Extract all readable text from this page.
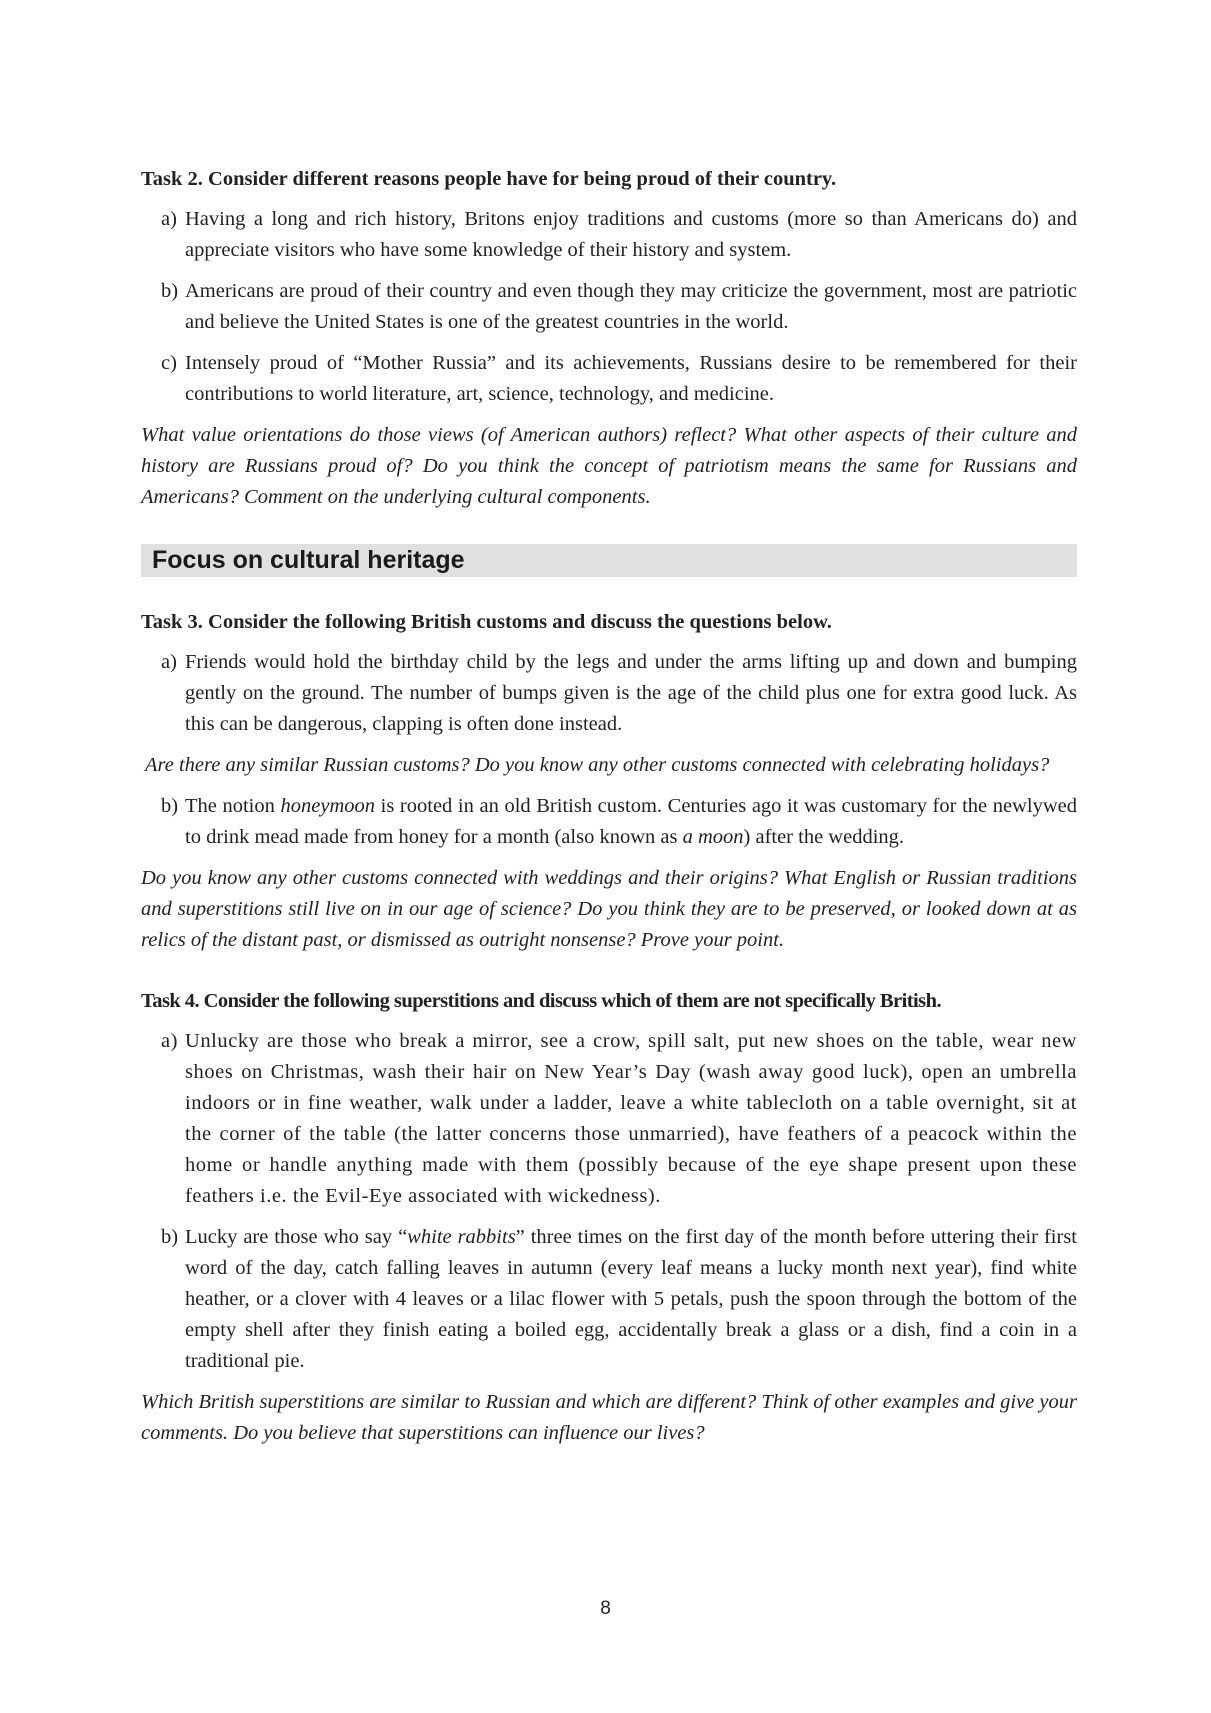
Task 2. Consider different reasons people have for being proud of their country.
a) Having a long and rich history, Britons enjoy traditions and customs (more so than Americans do) and appreciate visitors who have some knowledge of their history and system.
b) Americans are proud of their country and even though they may criticize the government, most are patriotic and believe the United States is one of the greatest countries in the world.
c) Intensely proud of “Mother Russia” and its achievements, Russians desire to be remembered for their contributions to world literature, art, science, technology, and medicine.
What value orientations do those views (of American authors) reflect? What other aspects of their culture and history are Russians proud of? Do you think the concept of patriotism means the same for Russians and Americans? Comment on the underlying cultural components.
Focus on cultural heritage
Task 3. Consider the following British customs and discuss the questions below.
a) Friends would hold the birthday child by the legs and under the arms lifting up and down and bumping gently on the ground. The number of bumps given is the age of the child plus one for extra good luck. As this can be dangerous, clapping is often done instead.
Are there any similar Russian customs? Do you know any other customs connected with celebrating holidays?
b) The notion honeymoon is rooted in an old British custom. Centuries ago it was customary for the newlywed to drink mead made from honey for a month (also known as a moon) after the wedding.
Do you know any other customs connected with weddings and their origins? What English or Russian traditions and superstitions still live on in our age of science? Do you think they are to be preserved, or looked down at as relics of the distant past, or dismissed as outright nonsense? Prove your point.
Task 4. Consider the following superstitions and discuss which of them are not specifically British.
a) Unlucky are those who break a mirror, see a crow, spill salt, put new shoes on the table, wear new shoes on Christmas, wash their hair on New Year’s Day (wash away good luck), open an umbrella indoors or in fine weather, walk under a ladder, leave a white tablecloth on a table overnight, sit at the corner of the table (the latter concerns those unmarried), have feathers of a peacock within the home or handle anything made with them (possibly because of the eye shape present upon these feathers i.e. the Evil-Eye associated with wickedness).
b) Lucky are those who say “white rabbits” three times on the first day of the month before uttering their first word of the day, catch falling leaves in autumn (every leaf means a lucky month next year), find white heather, or a clover with 4 leaves or a lilac flower with 5 petals, push the spoon through the bottom of the empty shell after they finish eating a boiled egg, accidentally break a glass or a dish, find a coin in a traditional pie.
Which British superstitions are similar to Russian and which are different? Think of other examples and give your comments. Do you believe that superstitions can influence our lives?
8
